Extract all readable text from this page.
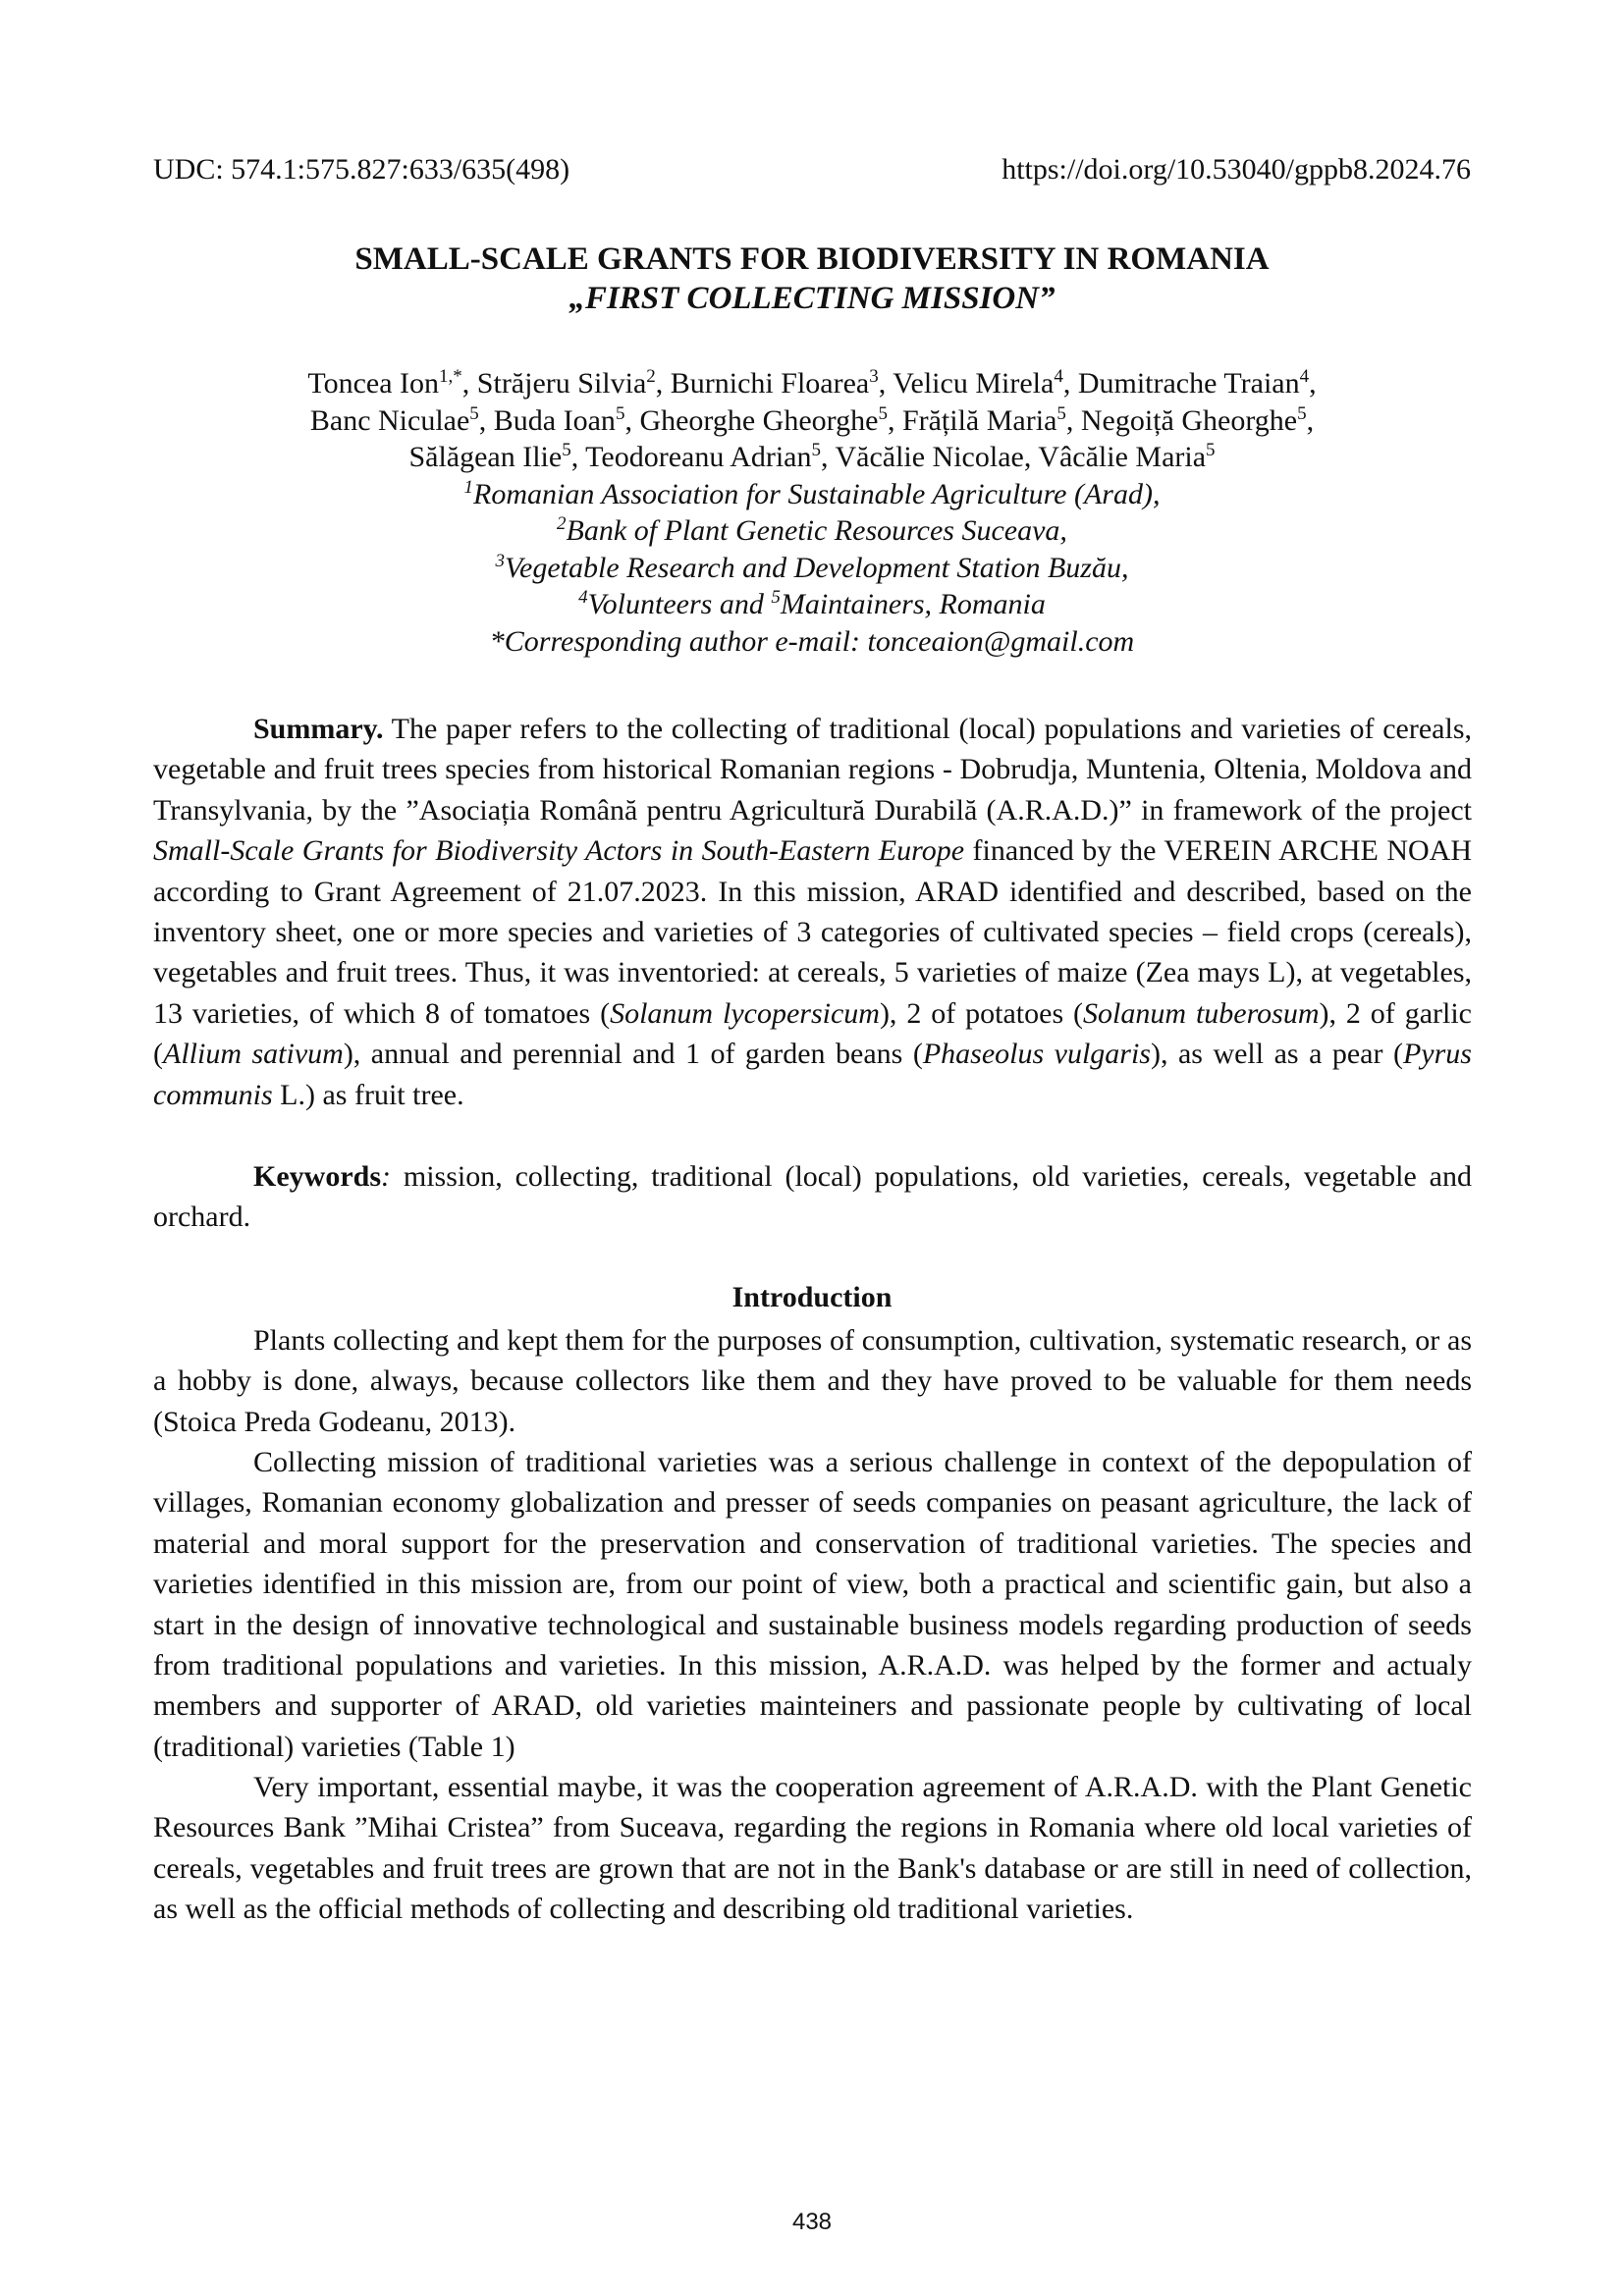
UDC: 574.1:575.827:633/635(498)	https://doi.org/10.53040/gppb8.2024.76

SMALL-SCALE GRANTS FOR BIODIVERSITY IN ROMANIA

„FIRST COLLECTING MISSION”

Toncea Ion$^{1,*}$, Străjeru Silvia$^2$, Burnichi Floarea$^3$, Velicu Mirela$^4$, Dumitrache Traian$^4$,
Banc Niculae$^5$, Buda Ioan$^5$, Gheorghe Gheorghe$^5$, Frățilă Maria$^5$, Negoiță Gheorghe$^5$,
Sălăgean Ilie$^5$, Teodoreanu Adrian$^5$, Văcălie Nicolae, Vâcălie Maria$^5$
$^1$Romanian Association for Sustainable Agriculture (Arad),
$^2$Bank of Plant Genetic Resources Suceava,
$^3$Vegetable Research and Development Station Buzău,
$^4$Volunteers and $^5$Maintainers, Romania
*Corresponding author e-mail: tonceaion@gmail.com

Summary. The paper refers to the collecting of traditional (local) populations and varieties of cereals, vegetable and fruit trees species from historical Romanian regions - Dobrudja, Muntenia, Oltenia, Moldova and Transylvania, by the ”Asociația Română pentru Agricultură Durabilă (A.R.A.D.)” in framework of the project Small-Scale Grants for Biodiversity Actors in South-Eastern Europe financed by the VEREIN ARCHE NOAH according to Grant Agreement of 21.07.2023. In this mission, ARAD identified and described, based on the inventory sheet, one or more species and varieties of 3 categories of cultivated species – field crops (cereals), vegetables and fruit trees. Thus, it was inventoried: at cereals, 5 varieties of maize (Zea mays L), at vegetables, 13 varieties, of which 8 of tomatoes (Solanum lycopersicum), 2 of potatoes (Solanum tuberosum), 2 of garlic (Allium sativum), annual and perennial and 1 of garden beans (Phaseolus vulgaris), as well as a pear (Pyrus communis L.) as fruit tree.

Keywords: mission, collecting, traditional (local) populations, old varieties, cereals, vegetable and orchard.

Introduction

Plants collecting and kept them for the purposes of consumption, cultivation, systematic research, or as a hobby is done, always, because collectors like them and they have proved to be valuable for them needs (Stoica Preda Godeanu, 2013).

Collecting mission of traditional varieties was a serious challenge in context of the depopulation of villages, Romanian economy globalization and presser of seeds companies on peasant agriculture, the lack of material and moral support for the preservation and conservation of traditional varieties. The species and varieties identified in this mission are, from our point of view, both a practical and scientific gain, but also a start in the design of innovative technological and sustainable business models regarding production of seeds from traditional populations and varieties. In this mission, A.R.A.D. was helped by the former and actualy members and supporter of ARAD, old varieties mainteiners and passionate people by cultivating of local (traditional) varieties (Table 1)

Very important, essential maybe, it was the cooperation agreement of A.R.A.D. with the Plant Genetic Resources Bank ”Mihai Cristea” from Suceava, regarding the regions in Romania where old local varieties of cereals, vegetables and fruit trees are grown that are not in the Bank's database or are still in need of collection, as well as the official methods of collecting and describing old traditional varieties.

438
